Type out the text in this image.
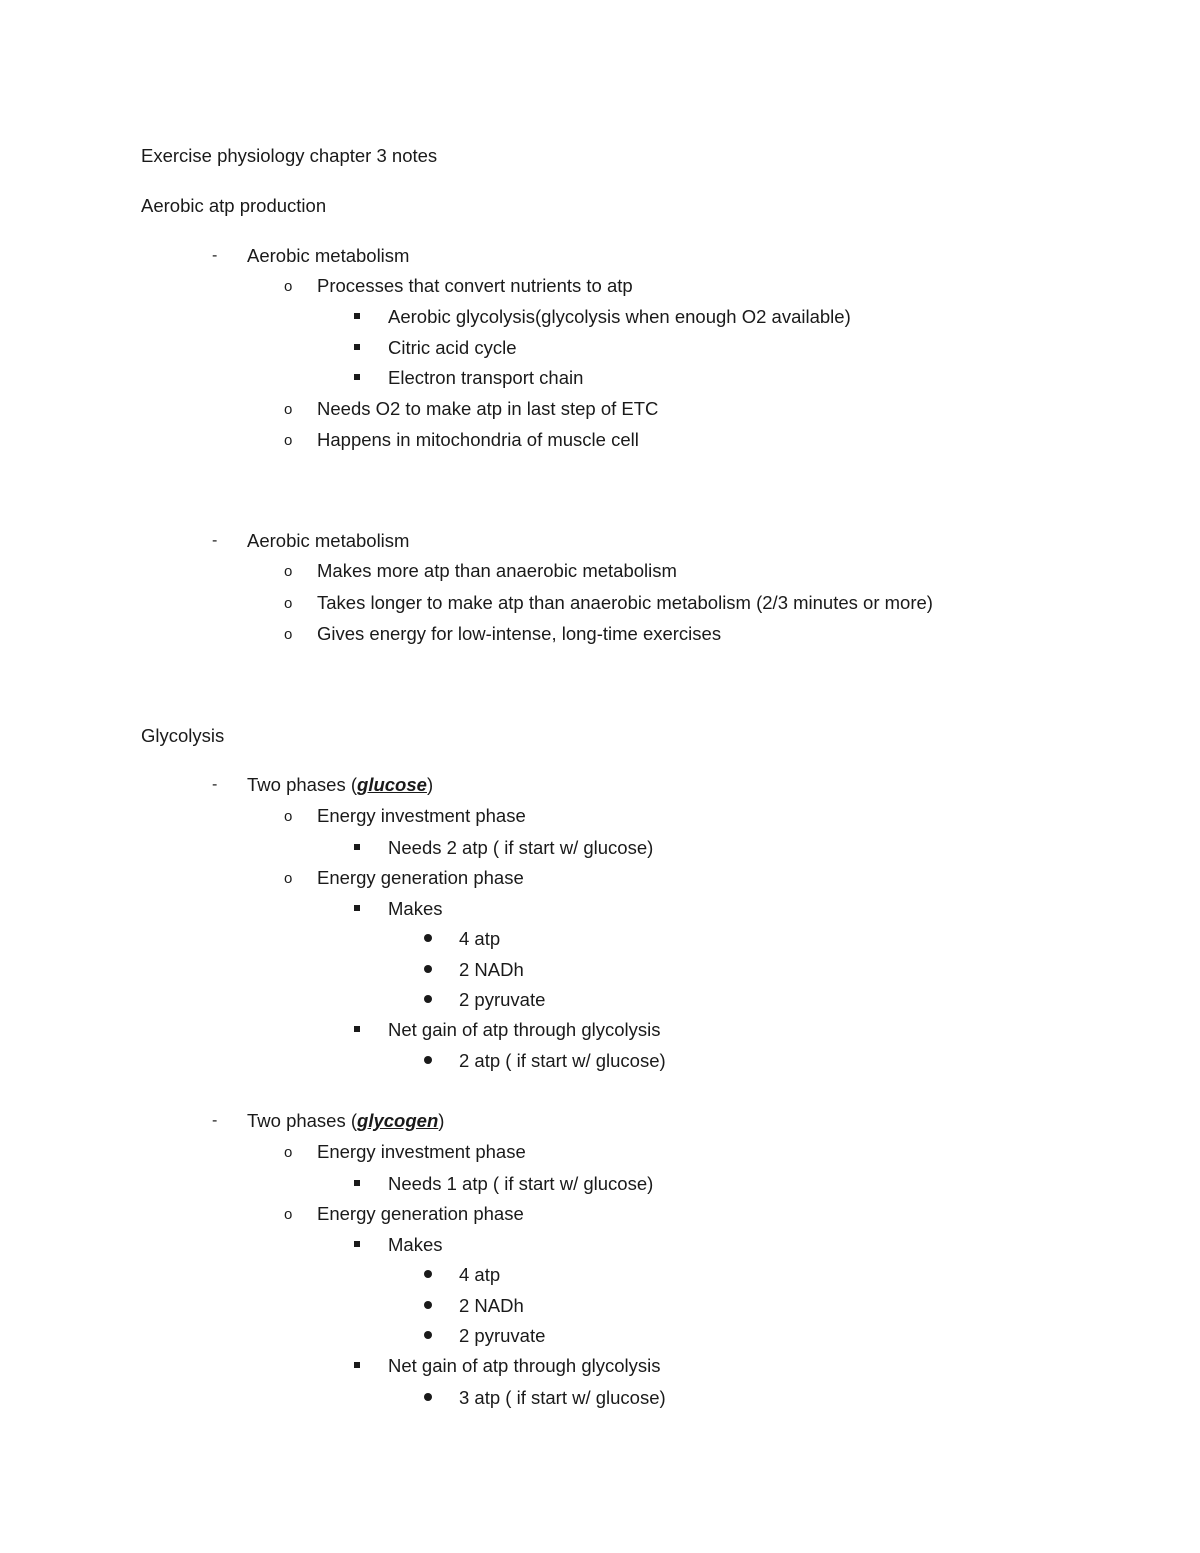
Exercise physiology chapter 3 notes
Aerobic atp production
- Aerobic metabolism
o Processes that convert nutrients to atp
Aerobic glycolysis(glycolysis when enough O2 available)
Citric acid cycle
Electron transport chain
o Needs O2 to make atp in last step of ETC
o Happens in mitochondria of muscle cell
- Aerobic metabolism
o Makes more atp than anaerobic metabolism
o Takes longer to make atp than anaerobic metabolism (2/3 minutes or more)
o Gives energy for low-intense, long-time exercises
Glycolysis
- Two phases (glucose)
o Energy investment phase
Needs 2 atp ( if start w/ glucose)
o Energy generation phase
Makes
4 atp
2 NADh
2 pyruvate
Net gain of atp through glycolysis
2 atp ( if start w/ glucose)
- Two phases (glycogen)
o Energy investment phase
Needs 1 atp ( if start w/ glucose)
o Energy generation phase
Makes
4 atp
2 NADh
2 pyruvate
Net gain of atp through glycolysis
3 atp ( if start w/ glucose)
